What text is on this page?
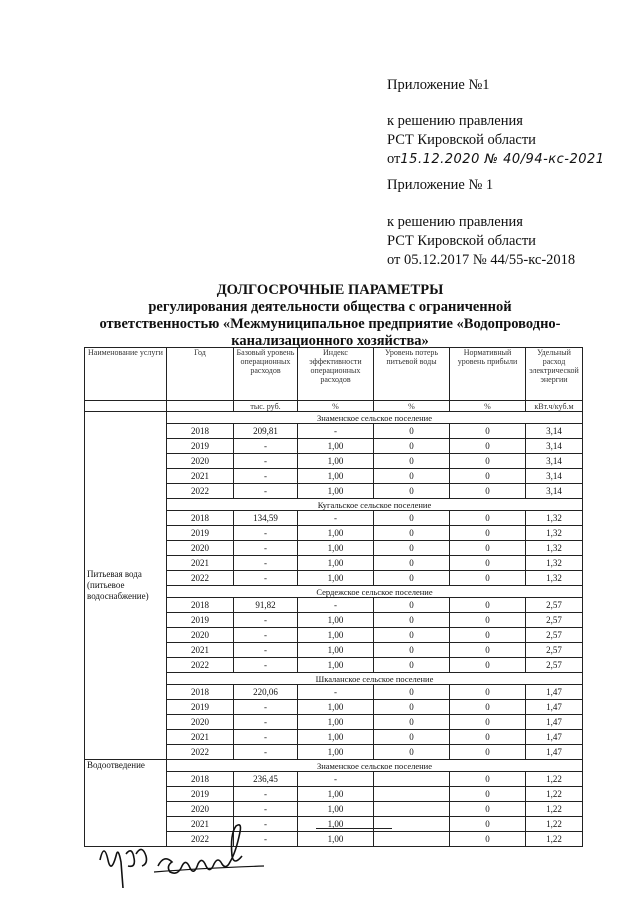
Приложение №1
к решению правления
РСТ Кировской области
от15.12.2020 № 40/94-кс-2021
Приложение № 1
к решению правления
РСТ Кировской области
от 05.12.2017 № 44/55-кс-2018
ДОЛГОСРОЧНЫЕ ПАРАМЕТРЫ
регулирования деятельности общества с ограниченной
ответственностью «Межмуниципальное предприятие «Водопроводно-
канализационного хозяйства»
Наименование услуги	Год	Базовый уровень операционных расходов	Индекс эффективности операционных расходов	Уровень потерь питьевой воды	Нормативный уровень прибыли	Удельный расход электрической энергии
		тыс. руб.	%	%	%	кВт.ч/куб.м
Питьевая вода (питьевое водоснабжение)	Знаменское сельское поселение					
	2018	209,81	-	0	0	3,14
	2019	-	1,00	0	0	3,14
	2020	-	1,00	0	0	3,14
	2021	-	1,00	0	0	3,14
	2022	-	1,00	0	0	3,14
	Кугальское сельское поселение					
	2018	134,59	-	0	0	1,32
	2019	-	1,00	0	0	1,32
	2020	-	1,00	0	0	1,32
	2021	-	1,00	0	0	1,32
	2022	-	1,00	0	0	1,32
	Сердежское сельское поселение					
	2018	91,82	-	0	0	2,57
	2019	-	1,00	0	0	2,57
	2020	-	1,00	0	0	2,57
	2021	-	1,00	0	0	2,57
	2022	-	1,00	0	0	2,57
	Шкаланское сельское поселение					
	2018	220,06	-	0	0	1,47
	2019	-	1,00	0	0	1,47
	2020	-	1,00	0	0	1,47
	2021	-	1,00	0	0	1,47
	2022	-	1,00	0	0	1,47
Водоотведение	Знаменское сельское поселение					
	2018	236,45	-		0	1,22
	2019	-	1,00		0	1,22
	2020	-	1,00		0	1,22
	2021	-	1,00		0	1,22
	2022	-	1,00		0	1,22
